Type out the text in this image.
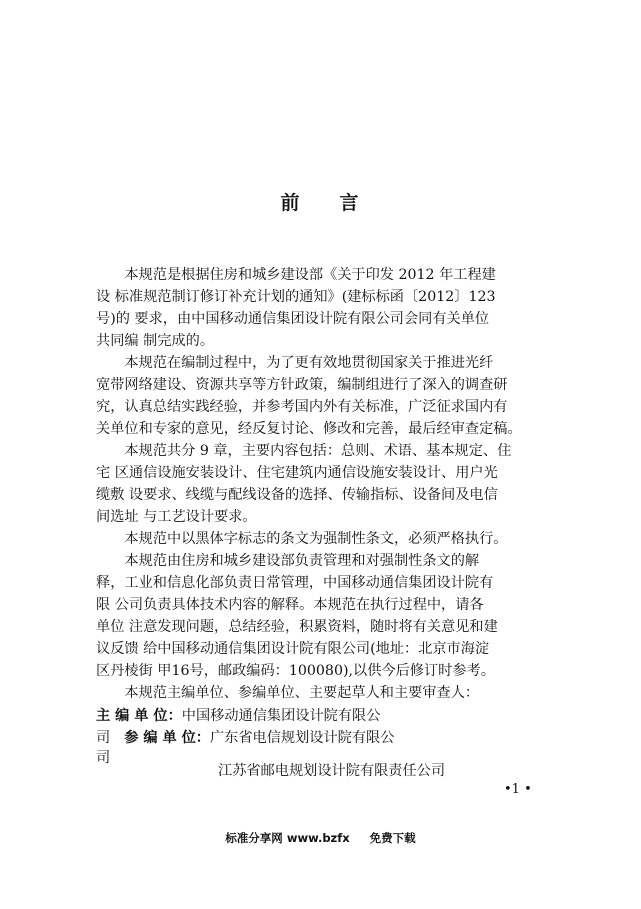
前 言

　　本规范是根据住房和城乡建设部《关于印发 2012 年工程建

设 标准规范制订修订补充计划的通知》(建标标函〔2012〕123

号)的 要求，由中国移动通信集团设计院有限公司会同有关单位

共同编 制完成的。

　　本规范在编制过程中，为了更有效地贯彻国家关于推进光纤

宽带网络建设、资源共享等方针政策，编制组进行了深入的调查研

究，认真总结实践经验，并参考国内外有关标准，广泛征求国内有

关单位和专家的意见，经反复讨论、修改和完善，最后经审查定稿。

　　本规范共分 9 章，主要内容包括：总则、术语、基本规定、住

宅 区通信设施安装设计、住宅建筑内通信设施安装设计、用户光

缆敷 设要求、线缆与配线设备的选择、传输指标、设备间及电信

间选址 与工艺设计要求。

　　本规范中以黑体字标志的条文为强制性条文，必须严格执行。

　　本规范由住房和城乡建设部负责管理和对强制性条文的解

释，工业和信息化部负责日常管理，中国移动通信集团设计院有

限 公司负责具体技术内容的解释。本规范在执行过程中，请各

单位 注意发现问题，总结经验，积累资料，随时将有关意见和建

议反馈 给中国移动通信集团设计院有限公司(地址：北京市海淀

区丹棱街 甲16号，邮政编码：100080),以供今后修订时参考。

　　本规范主编单位、参编单位、主要起草人和主要审查人：

主 编 单 位：中国移动通信集团设计院有限公

司 参 编 单 位：广东省电信规划设计院有限公

司

江苏省邮电规划设计院有限责任公司

•1 •
标准分享网 www.bzfx     免费下载
